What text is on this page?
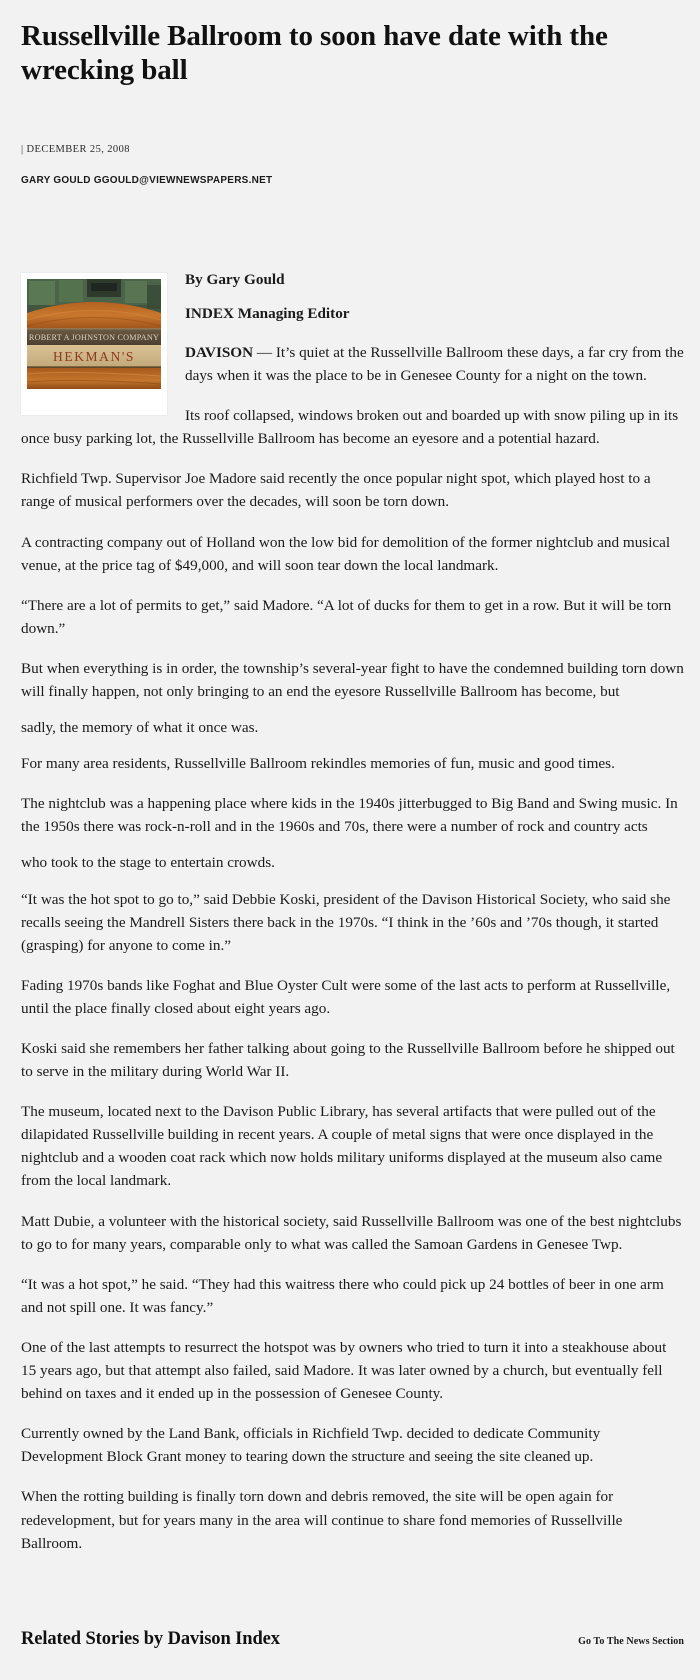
Russellville Ballroom to soon have date with the wrecking ball
| DECEMBER 25, 2008
GARY GOULD GGOULD@VIEWNEWSPAPERS.NET
ROBERT A JOHNSTON COMPANY
HEKMAN'S

By Gary Gould

INDEX Managing Editor

DAVISON — It’s quiet at the Russellville Ballroom these days, a far cry from the days when it was the place to be in Genesee County for a night on the town.

Its roof collapsed, windows broken out and boarded up with snow piling up in its once busy parking lot, the Russellville Ballroom has become an eyesore and a potential hazard.

Richfield Twp. Supervisor Joe Madore said recently the once popular night spot, which played host to a range of musical performers over the decades, will soon be torn down.

A contracting company out of Holland won the low bid for demolition of the former nightclub and musical venue, at the price tag of $49,000, and will soon tear down the local landmark.

“There are a lot of permits to get,” said Madore. “A lot of ducks for them to get in a row. But it will be torn down.”

But when everything is in order, the township’s several-year fight to have the condemned building torn down will finally happen, not only bringing to an end the eyesore Russellville Ballroom has become, but

sadly, the memory of what it once was.

For many area residents, Russellville Ballroom rekindles memories of fun, music and good times.

The nightclub was a happening place where kids in the 1940s jitterbugged to Big Band and Swing music. In the 1950s there was rock-n-roll and in the 1960s and 70s, there were a number of rock and country acts

who took to the stage to entertain crowds.

“It was the hot spot to go to,” said Debbie Koski, president of the Davison Historical Society, who said she recalls seeing the Mandrell Sisters there back in the 1970s. “I think in the ’60s and ’70s though, it started (grasping) for anyone to come in.”

Fading 1970s bands like Foghat and Blue Oyster Cult were some of the last acts to perform at Russellville, until the place finally closed about eight years ago.

Koski said she remembers her father talking about going to the Russellville Ballroom before he shipped out to serve in the military during World War II.

The museum, located next to the Davison Public Library, has several artifacts that were pulled out of the dilapidated Russellville building in recent years. A couple of metal signs that were once displayed in the nightclub and a wooden coat rack which now holds military uniforms displayed at the museum also came from the local landmark.

Matt Dubie, a volunteer with the historical society, said Russellville Ballroom was one of the best nightclubs to go to for many years, comparable only to what was called the Samoan Gardens in Genesee Twp.

“It was a hot spot,” he said. “They had this waitress there who could pick up 24 bottles of beer in one arm and not spill one. It was fancy.”

One of the last attempts to resurrect the hotspot was by owners who tried to turn it into a steakhouse about 15 years ago, but that attempt also failed, said Madore. It was later owned by a church, but eventually fell behind on taxes and it ended up in the possession of Genesee County.

Currently owned by the Land Bank, officials in Richfield Twp. decided to dedicate Community Development Block Grant money to tearing down the structure and seeing the site cleaned up.

When the rotting building is finally torn down and debris removed, the site will be open again for redevelopment, but for years many in the area will continue to share fond memories of Russellville Ballroom.

Related Stories by Davison Index	Go To The News Section
